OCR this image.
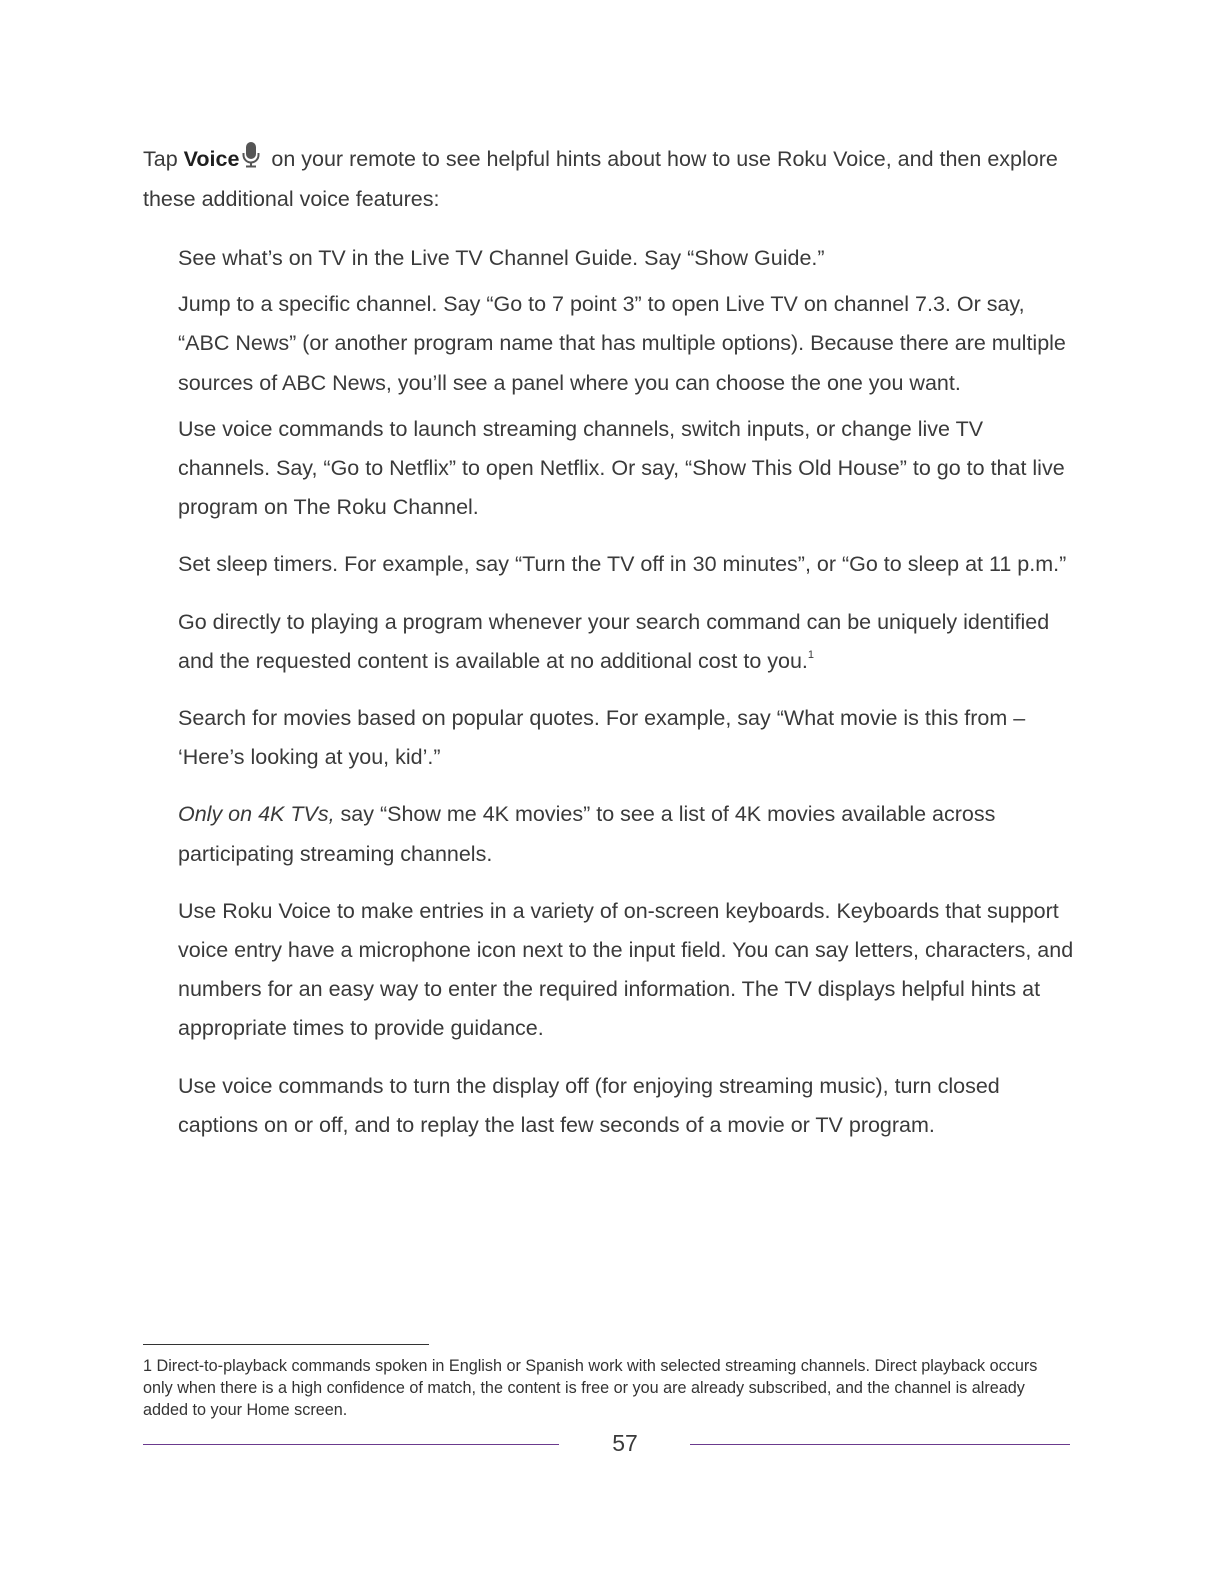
Tap Voice on your remote to see helpful hints about how to use Roku Voice, and then explore these additional voice features:

See what’s on TV in the Live TV Channel Guide. Say “Show Guide.”

Jump to a specific channel. Say “Go to 7 point 3” to open Live TV on channel 7.3. Or say, “ABC News” (or another program name that has multiple options). Because there are multiple sources of ABC News, you’ll see a panel where you can choose the one you want.

Use voice commands to launch streaming channels, switch inputs, or change live TV channels. Say, “Go to Netflix” to open Netflix. Or say, “Show This Old House” to go to that live program on The Roku Channel.

Set sleep timers. For example, say “Turn the TV off in 30 minutes”, or “Go to sleep at 11 p.m.”

Go directly to playing a program whenever your search command can be uniquely identified and the requested content is available at no additional cost to you.$^1$

Search for movies based on popular quotes. For example, say “What movie is this from – ‘Here’s looking at you, kid’.”

Only on 4K TVs, say “Show me 4K movies” to see a list of 4K movies available across participating streaming channels.

Use Roku Voice to make entries in a variety of on-screen keyboards. Keyboards that support voice entry have a microphone icon next to the input field. You can say letters, characters, and numbers for an easy way to enter the required information. The TV displays helpful hints at appropriate times to provide guidance.

Use voice commands to turn the display off (for enjoying streaming music), turn closed captions on or off, and to replay the last few seconds of a movie or TV program.

1 Direct-to-playback commands spoken in English or Spanish work with selected streaming channels. Direct playback occurs only when there is a high confidence of match, the content is free or you are already subscribed, and the channel is already added to your Home screen.

57
